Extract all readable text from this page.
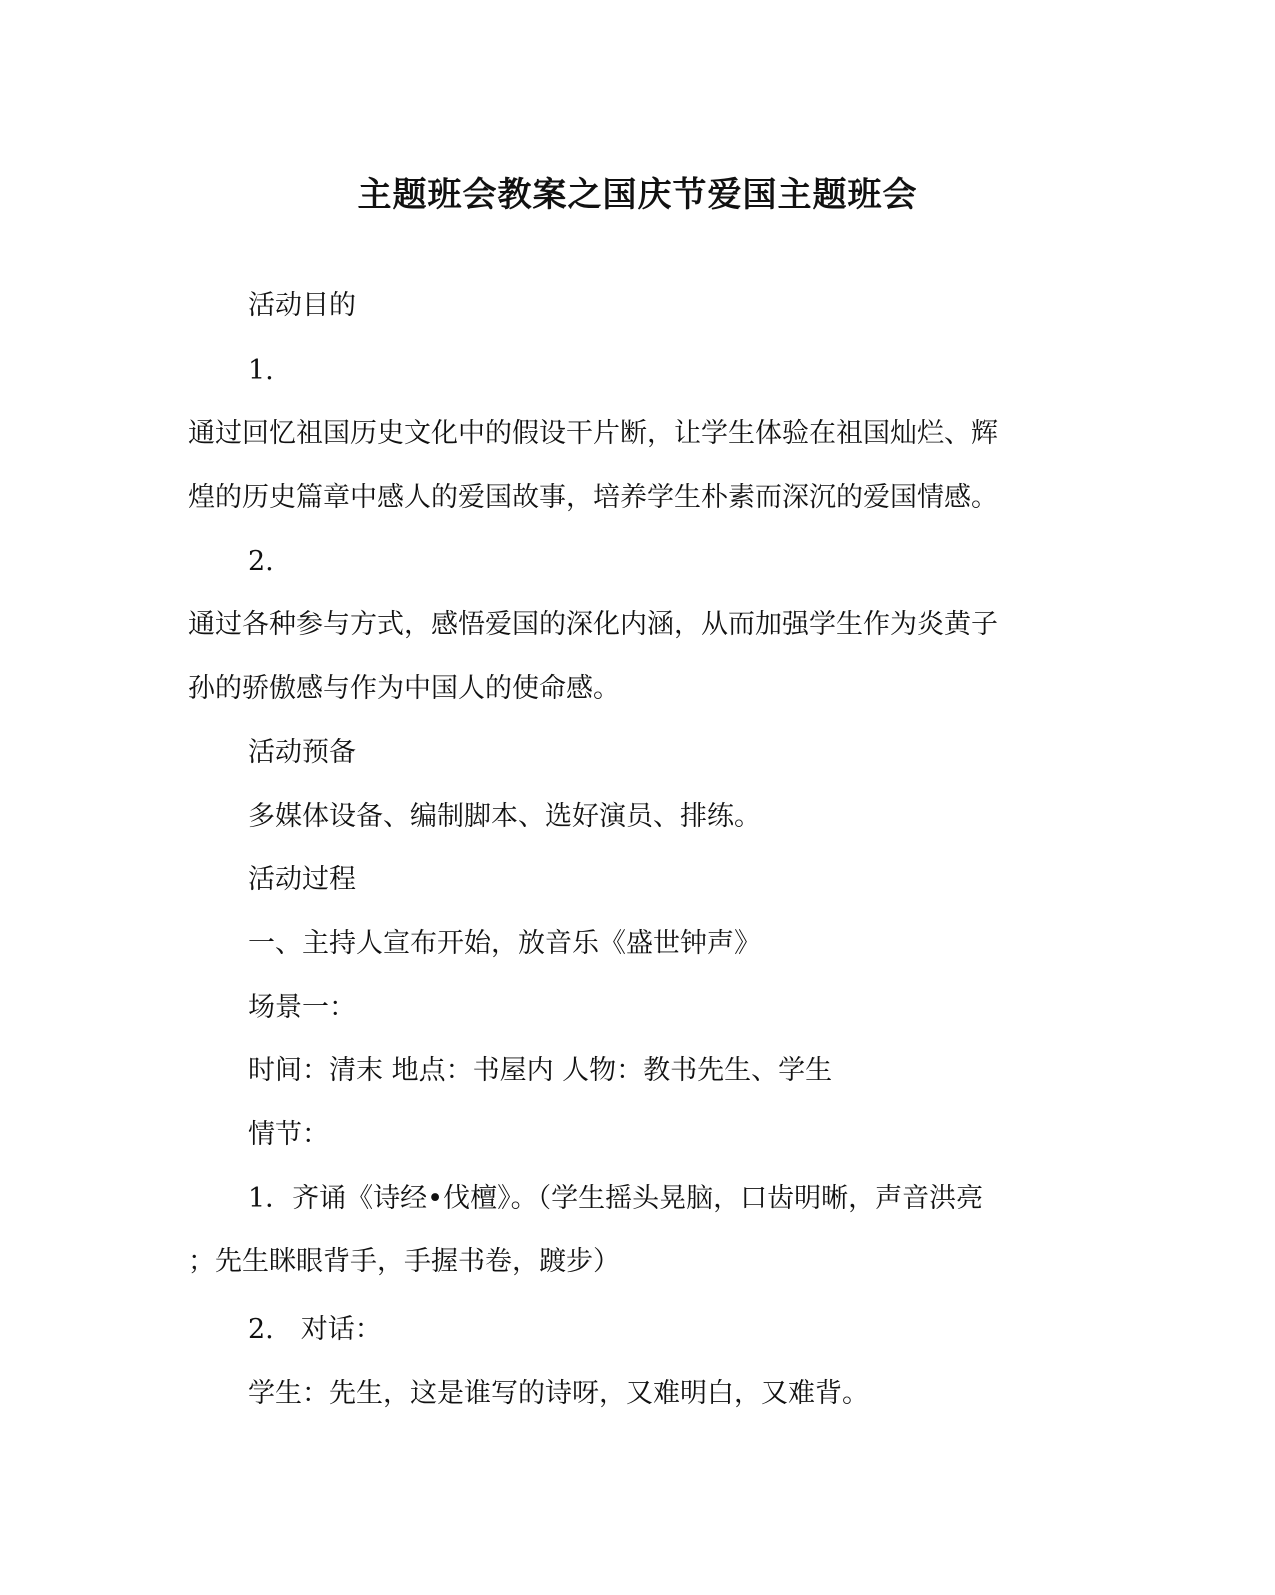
主题班会教案之国庆节爱国主题班会
活动目的
1.
通过回忆祖国历史文化中的假设干片断，让学生体验在祖国灿烂、辉
煌的历史篇章中感人的爱国故事，培养学生朴素而深沉的爱国情感。
2.
通过各种参与方式，感悟爱国的深化内涵，从而加强学生作为炎黄子
孙的骄傲感与作为中国人的使命感。
活动预备
多媒体设备、编制脚本、选好演员、排练。
活动过程
一、主持人宣布开始，放音乐《盛世钟声》
场景一：
时间：清末 地点：书屋内 人物：教书先生、学生
情节：
1．齐诵《诗经•伐檀》。（学生摇头晃脑，口齿明晰，声音洪亮
；先生眯眼背手，手握书卷，踱步）
2.　对话：
学生：先生，这是谁写的诗呀，又难明白，又难背。
